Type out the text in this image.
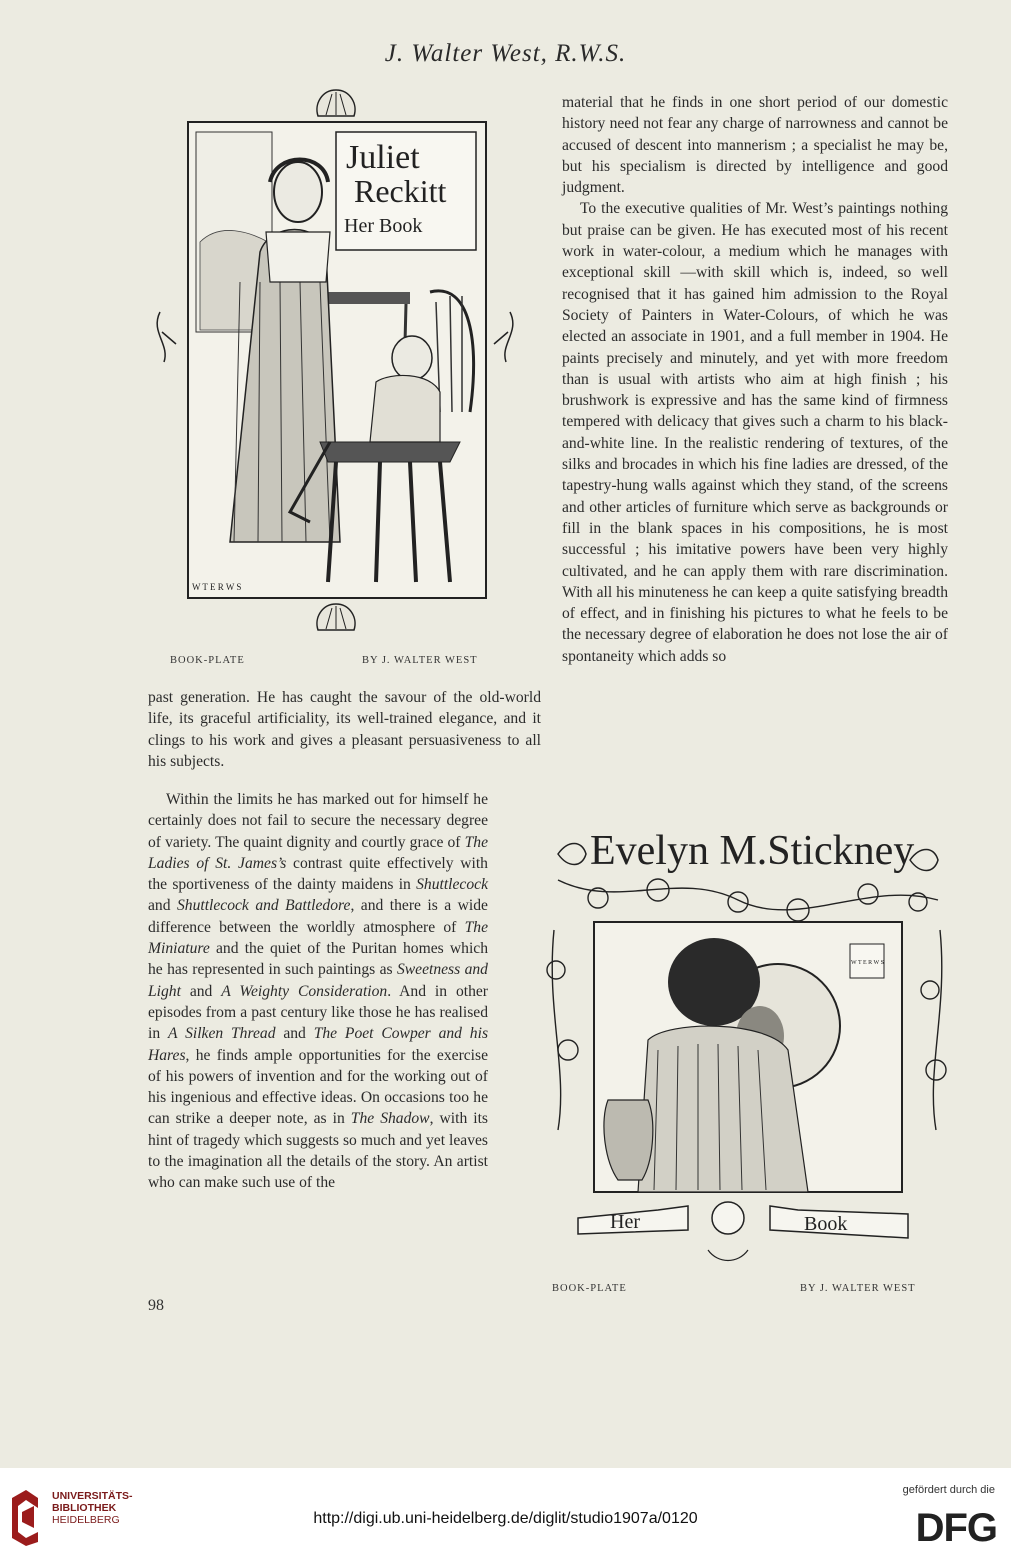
J. Walter West, R.W.S.
Juliet
Reckitt
Her Book
W T E R W S
BOOK-PLATE	BY J. WALTER WEST

material that he finds in one short period of our domestic history need not fear any charge of narrowness and cannot be accused of descent into mannerism ; a specialist he may be, but his specialism is directed by intelligence and good judgment.

To the executive qualities of Mr. West’s paintings nothing but praise can be given. He has executed most of his recent work in water-colour, a medium which he manages with exceptional skill —with skill which is, indeed, so well recognised that it has gained him admission to the Royal Society of Painters in Water-Colours, of which he was elected an associate in 1901, and a full member in 1904. He paints precisely and minutely, and yet with more freedom than is usual with artists who aim at high finish ; his brushwork is expressive and has the same kind of firmness tempered with delicacy that gives such a charm to his black-and-white line. In the realistic rendering of textures, of the silks and brocades in which his fine ladies are dressed, of the tapestry-hung walls against which they stand, of the screens and other articles of furniture which serve as backgrounds or fill in the blank spaces in his compositions, he is most successful ; his imitative powers have been very highly cultivated, and he can apply them with rare discrimination. With all his minuteness he can keep a quite satisfying breadth of effect, and in finishing his pictures to what he feels to be the necessary degree of elaboration he does not lose the air of spontaneity which adds so

past generation. He has caught the savour of the old-world life, its graceful artificiality, its well-trained elegance, and it clings to his work and gives a pleasant persuasiveness to all his subjects.

Within the limits he has marked out for himself he certainly does not fail to secure the necessary degree of variety. The quaint dignity and courtly grace of The Ladies of St. James’s contrast quite effectively with the sportiveness of the dainty maidens in Shuttlecock and Shuttlecock and Battledore, and there is a wide difference between the worldly atmosphere of The Miniature and the quiet of the Puritan homes which he has represented in such paintings as Sweetness and Light and A Weighty Consideration. And in other episodes from a past century like those he has realised in A Silken Thread and The Poet Cowper and his Hares, he finds ample opportunities for the exercise of his powers of invention and for the working out of his ingenious and effective ideas. On occasions too he can strike a deeper note, as in The Shadow, with its hint of tragedy which suggests so much and yet leaves to the imagination all the details of the story. An artist who can make such use of the

Evelyn M.Stickney
W T E R W S
Her	Book
BOOK-PLATE	BY J. WALTER WEST
98
UNIVERSITÄTS-
BIBLIOTHEK
HEIDELBERG	http://digi.ub.uni-heidelberg.de/diglit/studio1907a/0120
gefördert durch die
DFG
